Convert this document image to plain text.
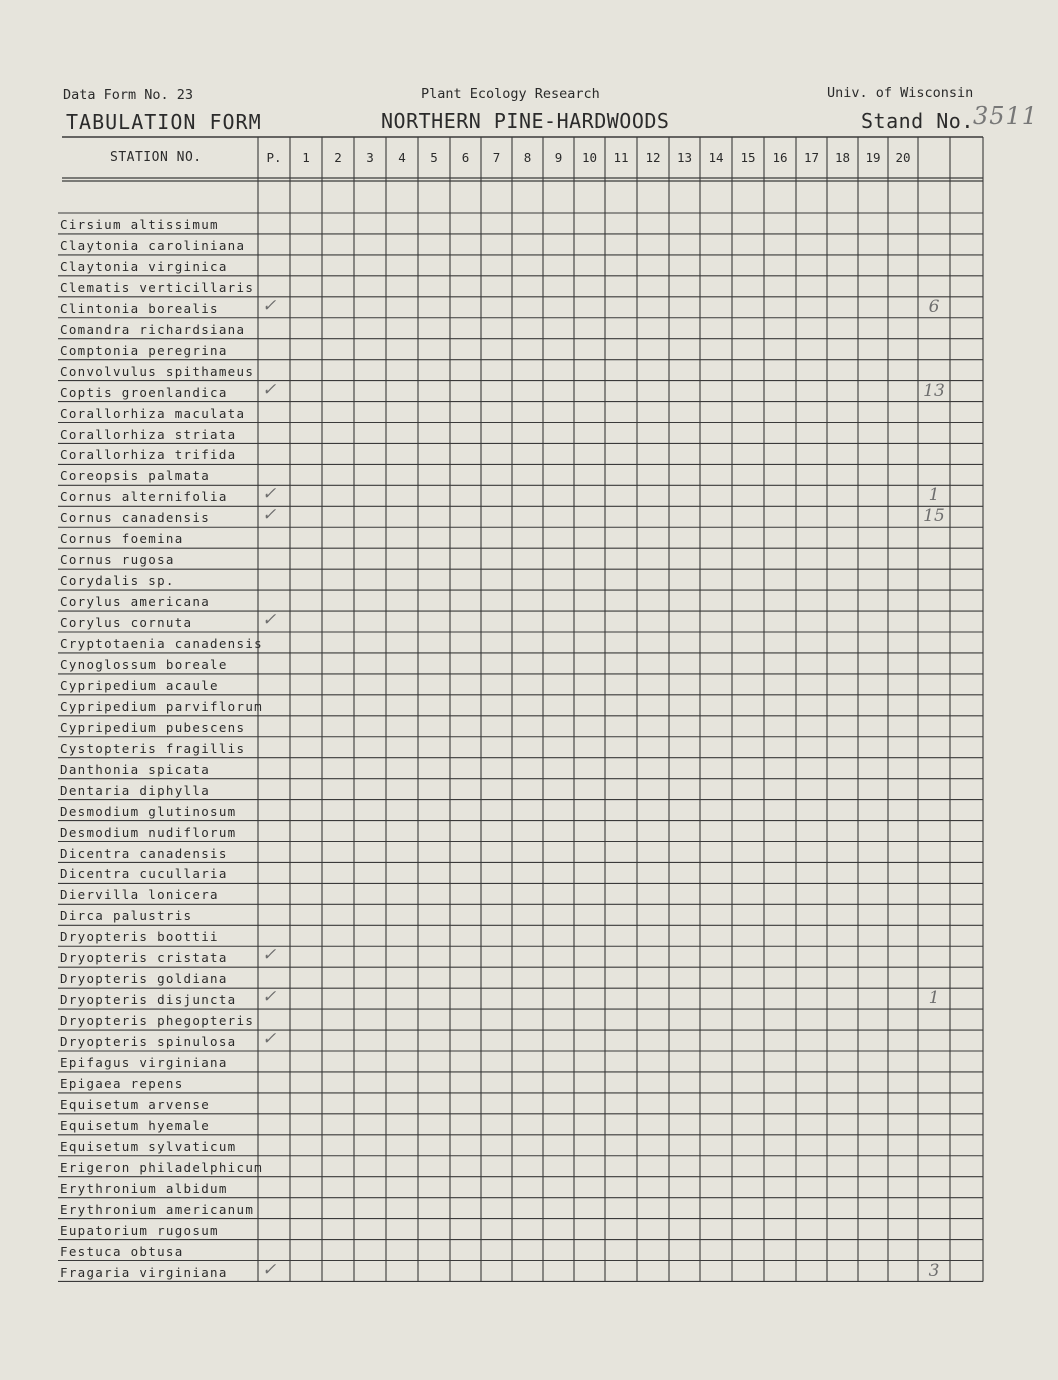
Data Form No. 23	Plant Ecology Research	Univ. of Wisconsin
TABULATION FORM	NORTHERN PINE-HARDWOODS	Stand No. 3511
STATION NO.	P.	1	2	3	4	5	6	7	8	9	10	11	12	13	14	15	16	17	18	19	20
Cirsium altissimum
Claytonia caroliniana
Claytonia virginica
Clematis verticillaris
Clintonia borealis	✓	6
Comandra richardsiana
Comptonia peregrina
Convolvulus spithameus
Coptis groenlandica ✓	13
Corallorhiza maculata
Corallorhiza striata
Corallorhiza trifida
Coreopsis palmata
Cornus alternifolia ✓	1
Cornus canadensis	✓	15
Cornus foemina
Cornus rugosa
Corydalis sp.
Corylus americana
Corylus cornuta	✓
Cryptotaenia canadensis
Cynoglossum boreale
Cypripedium acaule
Cypripedium parviflorum
Cypripedium pubescens
Cystopteris fragillis
Danthonia spicata
Dentaria diphylla
Desmodium glutinosum
Desmodium nudiflorum
Dicentra canadensis
Dicentra cucullaria
Diervilla lonicera
Dirca palustris
Dryopteris boottii
Dryopteris cristata ✓
Dryopteris goldiana
Dryopteris disjuncta ✓	1
Dryopteris phegopteris
Dryopteris spinulosa ✓
Epifagus virginiana
Epigaea repens
Equisetum arvense
Equisetum hyemale
Equisetum sylvaticum
Erigeron philadelphicum
Erythronium albidum
Erythronium americanum
Eupatorium rugosum
Festuca obtusa
Fragaria virginiana ✓	3
